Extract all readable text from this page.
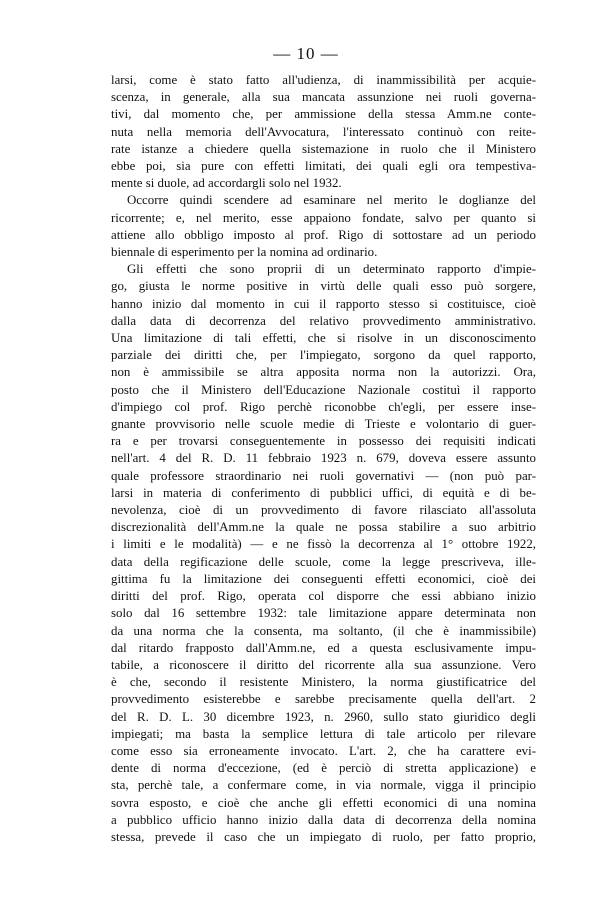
— 10 —
larsi, come è stato fatto all'udienza, di inammissibilità per acquie-
scenza, in generale, alla sua mancata assunzione nei ruoli governa-
tivi, dal momento che, per ammissione della stessa Amm.ne conte-
nuta nella memoria dell'Avvocatura, l'interessato continuò con reite-
rate istanze a chiedere quella sistemazione in ruolo che il Ministero
ebbe poi, sia pure con effetti limitati, dei quali egli ora tempestiva-
mente si duole, ad accordargli solo nel 1932.
Occorre quindi scendere ad esaminare nel merito le doglianze del
ricorrente; e, nel merito, esse appaiono fondate, salvo per quanto si
attiene allo obbligo imposto al prof. Rigo di sottostare ad un periodo
biennale di esperimento per la nomina ad ordinario.
Gli effetti che sono proprii di un determinato rapporto d'impie-
go, giusta le norme positive in virtù delle quali esso può sorgere,
hanno inizio dal momento in cui il rapporto stesso si costituisce, cioè
dalla data di decorrenza del relativo provvedimento amministrativo.
Una limitazione di tali effetti, che si risolve in un disconoscimento
parziale dei diritti che, per l'impiegato, sorgono da quel rapporto,
non è ammissibile se altra apposita norma non la autorizzi. Ora,
posto che il Ministero dell'Educazione Nazionale costituì il rapporto
d'impiego col prof. Rigo perchè riconobbe ch'egli, per essere inse-
gnante provvisorio nelle scuole medie di Trieste e volontario di guer-
ra e per trovarsi conseguentemente in possesso dei requisiti indicati
nell'art. 4 del R. D. 11 febbraio 1923 n. 679, doveva essere assunto
quale professore straordinario nei ruoli governativi — (non può par-
larsi in materia di conferimento di pubblici uffici, di equità e di be-
nevolenza, cioè di un provvedimento di favore rilasciato all'assoluta
discrezionalità dell'Amm.ne la quale ne possa stabilire a suo arbitrio
i limiti e le modalità) — e ne fissò la decorrenza al 1° ottobre 1922,
data della regificazione delle scuole, come la legge prescriveva, ille-
gittima fu la limitazione dei conseguenti effetti economici, cioè dei
diritti del prof. Rigo, operata col disporre che essi abbiano inizio
solo dal 16 settembre 1932: tale limitazione appare determinata non
da una norma che la consenta, ma soltanto, (il che è inammissibile)
dal ritardo frapposto dall'Amm.ne, ed a questa esclusivamente impu-
tabile, a riconoscere il diritto del ricorrente alla sua assunzione. Vero
è che, secondo il resistente Ministero, la norma giustificatrice del
provvedimento esisterebbe e sarebbe precisamente quella dell'art. 2
del R. D. L. 30 dicembre 1923, n. 2960, sullo stato giuridico degli
impiegati; ma basta la semplice lettura di tale articolo per rilevare
come esso sia erroneamente invocato. L'art. 2, che ha carattere evi-
dente di norma d'eccezione, (ed è perciò di stretta applicazione) e
sta, perchè tale, a confermare come, in via normale, vigga il principio
sovra esposto, e cioè che anche gli effetti economici di una nomina
a pubblico ufficio hanno inizio dalla data di decorrenza della nomina
stessa, prevede il caso che un impiegato di ruolo, per fatto proprio,
